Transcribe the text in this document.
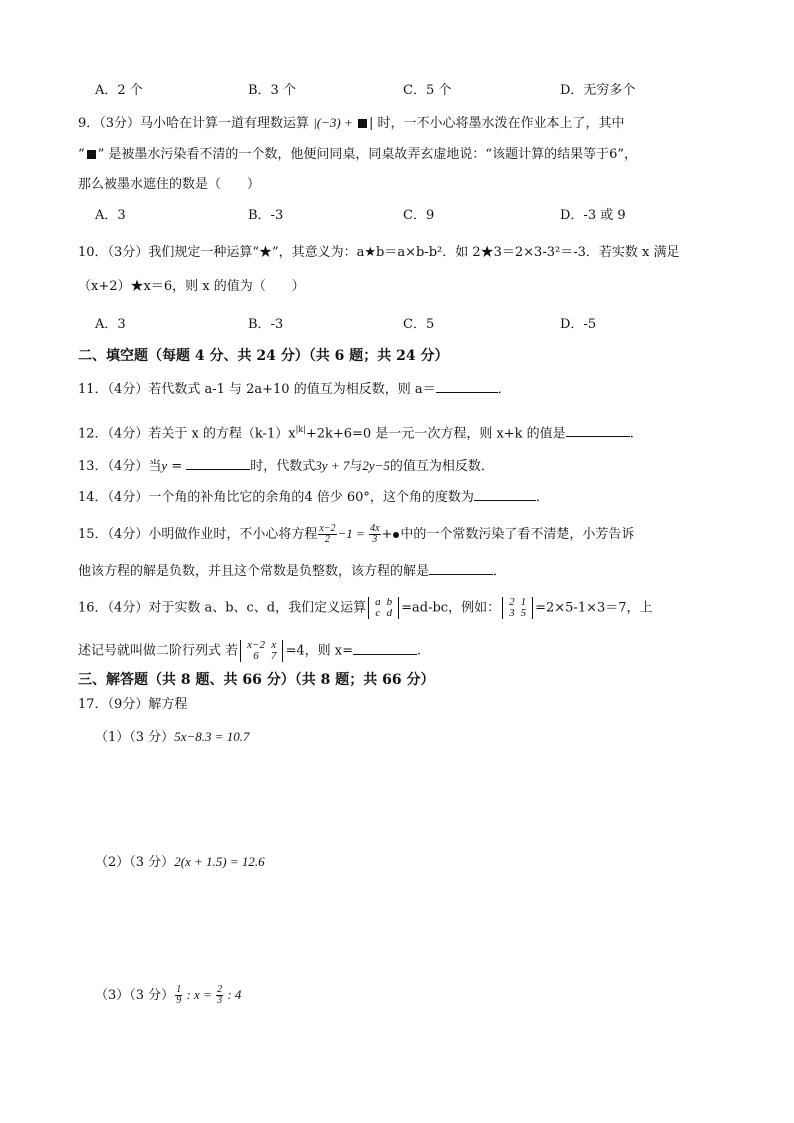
A．2 个	B．3 个	C．5 个	D．无穷多个
9．（3分）马小哈在计算一道有理数运算 |(−3) + | 时，一不小心将墨水泼在作业本上了，其中
“ ” 是被墨水污染看不清的一个数，他便问同桌，同桌故弄玄虚地说：“该题计算的结果等于6”，
那么被墨水遮住的数是（　　）
A．3	B．-3	C．9	D．-3 或 9
10．（3分）我们规定一种运算“★”，其意义为：a★b＝a×b-b²．如 2★3＝2×3-3²＝-3．若实数 x 满足
（x+2）★x＝6，则 x 的值为（　　）
A．3	B．-3	C．5	D．-5
二、填空题（每题 4 分、共 24 分）（共 6 题；共 24 分）
11．（4分）若代数式 a-1 与 2a+10 的值互为相反数，则 a＝	．
12．（4分）若关于 x 的方程$(k-1)x^{|k|}+2k+6=0$ 是一元一次方程，则 x+k 的值是	.
13．（4分）当y =	时，代数式3y + 7与2y−5的值互为相反数．
14．（4分）一个角的补角比它的余角的4 倍少 60°，这个角的度数为	．
15．（4分）小明做作业时，不小心将方程 $\frac{x-2}{2} -1 = \frac{4x}{3}$ + 中的一个常数污染了看不清楚，小芳告诉
他该方程的解是负数，并且这个常数是负整数，该方程的解是	．
16．（4分）对于实数 a、b、c、d，我们定义运算 a	b
c	d =ad-bc，例如： 2	1
3	5 =2×5-1×3＝7，上
述记号就叫做二阶行列式 若 x−2	x
6	7 =4，则 x=	.
三、解答题（共 8 题、共 66 分）（共 8 题；共 66 分）
17．（9分）解方程
（1）（3 分）5x−8.3 = 10.7
（2）（3 分）2(x + 1.5) = 12.6
（3）（3 分） $\frac{1}{9}$ : $x = \frac{2}{3}$ : 4
